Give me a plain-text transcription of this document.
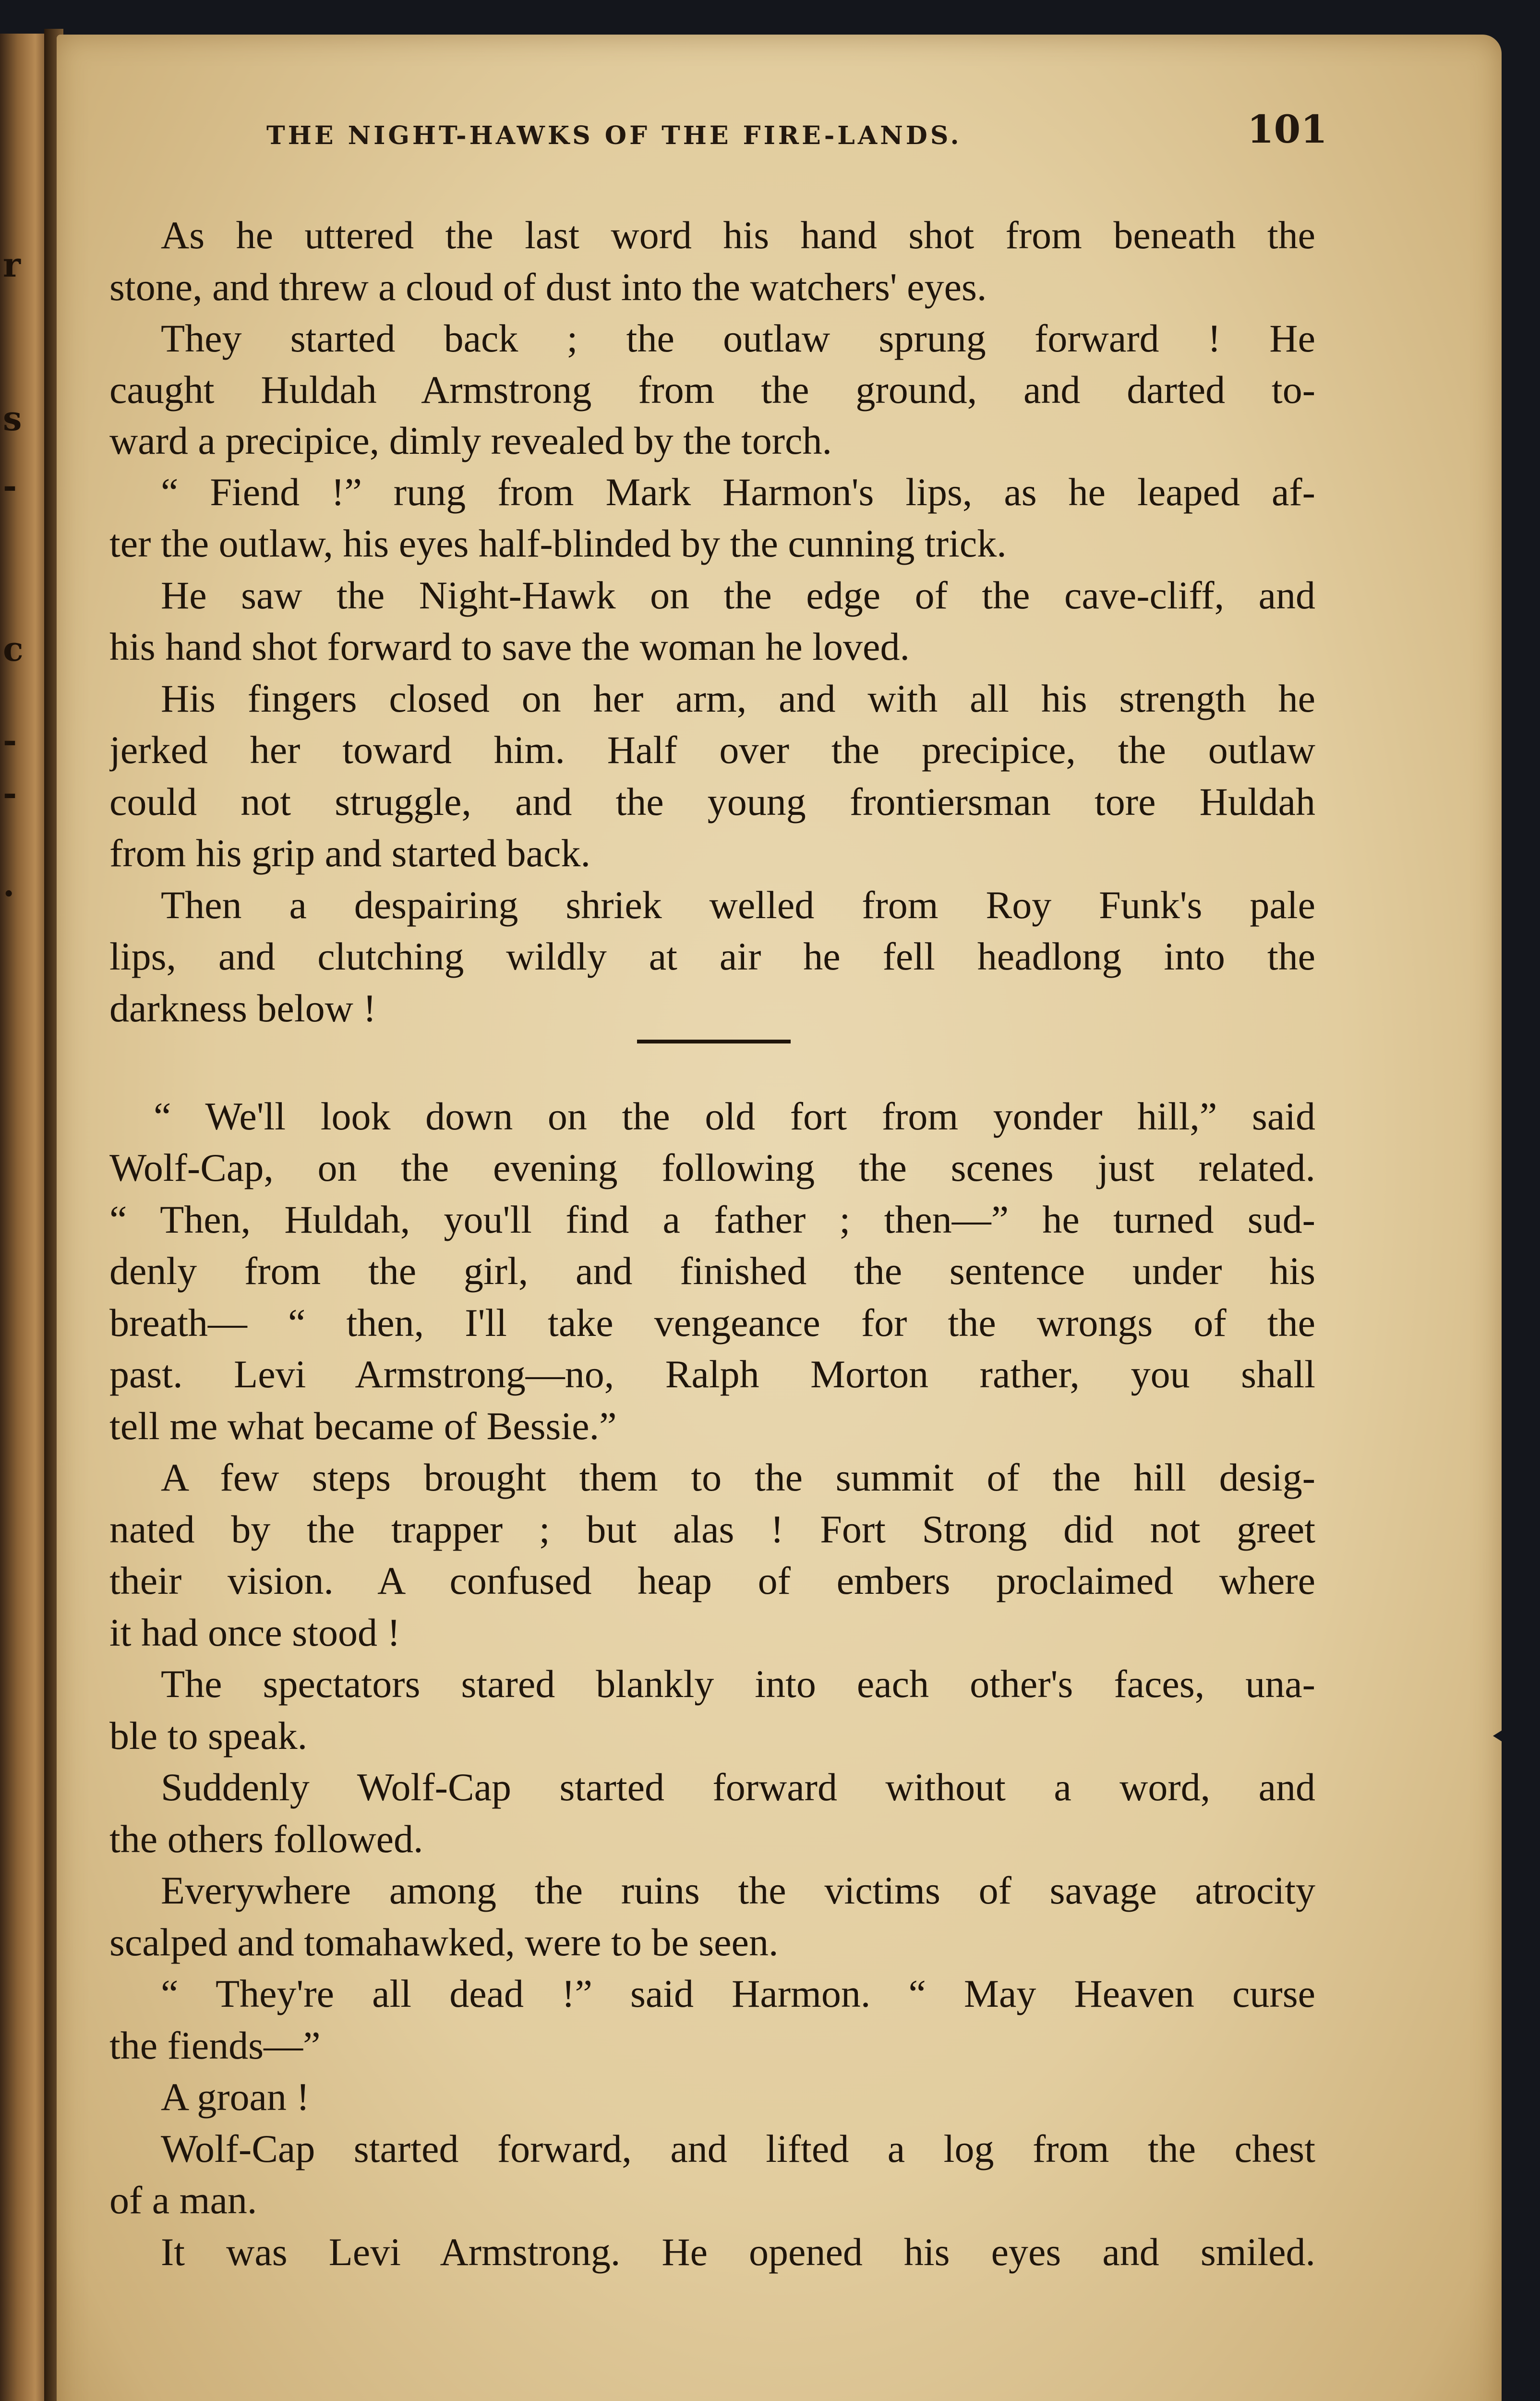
r
s
-
c
-
-
.
THE NIGHT-HAWKS OF THE FIRE-LANDS.	101
As he uttered the last word his hand shot from beneath the
stone, and threw a cloud of dust into the watchers' eyes.
They started back ; the outlaw sprung forward ! He
caught Huldah Armstrong from the ground, and darted to-
ward a precipice, dimly revealed by the torch.
“ Fiend !” rung from Mark Harmon's lips, as he leaped af-
ter the outlaw, his eyes half-blinded by the cunning trick.
He saw the Night-Hawk on the edge of the cave-cliff, and
his hand shot forward to save the woman he loved.
His fingers closed on her arm, and with all his strength he
jerked her toward him. Half over the precipice, the outlaw
could not struggle, and the young frontiersman tore Huldah
from his grip and started back.
Then a despairing shriek welled from Roy Funk's pale
lips, and clutching wildly at air he fell headlong into the
darkness below !
“ We'll look down on the old fort from yonder hill,” said
Wolf-Cap, on the evening following the scenes just related.
“ Then, Huldah, you'll find a father ; then—” he turned sud-
denly from the girl, and finished the sentence under his
breath— “ then, I'll take vengeance for the wrongs of the
past. Levi Armstrong—no, Ralph Morton rather, you shall
tell me what became of Bessie.”
A few steps brought them to the summit of the hill desig-
nated by the trapper ; but alas ! Fort Strong did not greet
their vision. A confused heap of embers proclaimed where
it had once stood !
The spectators stared blankly into each other's faces, una-
ble to speak.
Suddenly Wolf-Cap started forward without a word, and
the others followed.
Everywhere among the ruins the victims of savage atrocity
scalped and tomahawked, were to be seen.
“ They're all dead !” said Harmon. “ May Heaven curse
the fiends—”
A groan !
Wolf-Cap started forward, and lifted a log from the chest
of a man.
It was Levi Armstrong. He opened his eyes and smiled.
